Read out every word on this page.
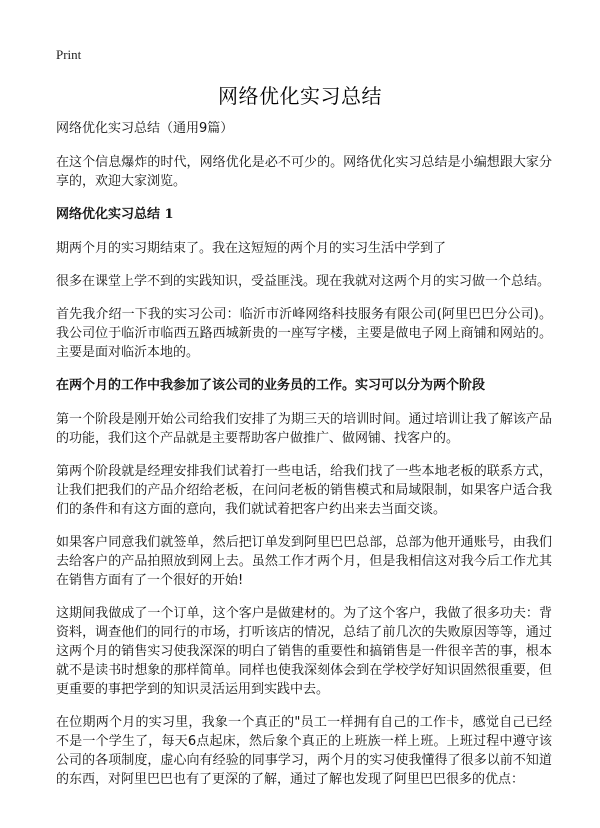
Print
网络优化实习总结

网络优化实习总结（通用9篇）

在这个信息爆炸的时代，网络优化是必不可少的。网络优化实习总结是小编想跟大家分享的，欢迎大家浏览。

网络优化实习总结 1

期两个月的实习期结束了。我在这短短的两个月的实习生活中学到了

很多在课堂上学不到的实践知识，受益匪浅。现在我就对这两个月的实习做一个总结。

首先我介绍一下我的实习公司：临沂市沂峰网络科技服务有限公司(阿里巴巴分公司)。我公司位于临沂市临西五路西城新贵的一座写字楼，主要是做电子网上商铺和网站的。主要是面对临沂本地的。

在两个月的工作中我参加了该公司的业务员的工作。实习可以分为两个阶段

第一个阶段是刚开始公司给我们安排了为期三天的培训时间。通过培训让我了解该产品的功能，我们这个产品就是主要帮助客户做推广、做网铺、找客户的。

第两个阶段就是经理安排我们试着打一些电话，给我们找了一些本地老板的联系方式，让我们把我们的产品介绍给老板，在问问老板的销售模式和局域限制，如果客户适合我们的条件和有这方面的意向，我们就试着把客户约出来去当面交谈。

如果客户同意我们就签单，然后把订单发到阿里巴巴总部，总部为他开通账号，由我们去给客户的产品拍照放到网上去。虽然工作才两个月，但是我相信这对我今后工作尤其在销售方面有了一个很好的开始!

这期间我做成了一个订单，这个客户是做建材的。为了这个客户，我做了很多功夫：背资料，调查他们的同行的市场，打听该店的情况，总结了前几次的失败原因等等，通过这两个月的销售实习使我深深的明白了销售的重要性和搞销售是一件很辛苦的事，根本就不是读书时想象的那样简单。同样也使我深刻体会到在学校学好知识固然很重要，但更重要的事把学到的知识灵活运用到实践中去。

在位期两个月的实习里，我象一个真正的"员工一样拥有自己的工作卡，感觉自己已经不是一个学生了，每天6点起床，然后象个真正的上班族一样上班。上班过程中遵守该公司的各项制度，虚心向有经验的同事学习，两个月的实习使我懂得了很多以前不知道的东西，对阿里巴巴也有了更深的了解，通过了解也发现了阿里巴巴很多的优点：
